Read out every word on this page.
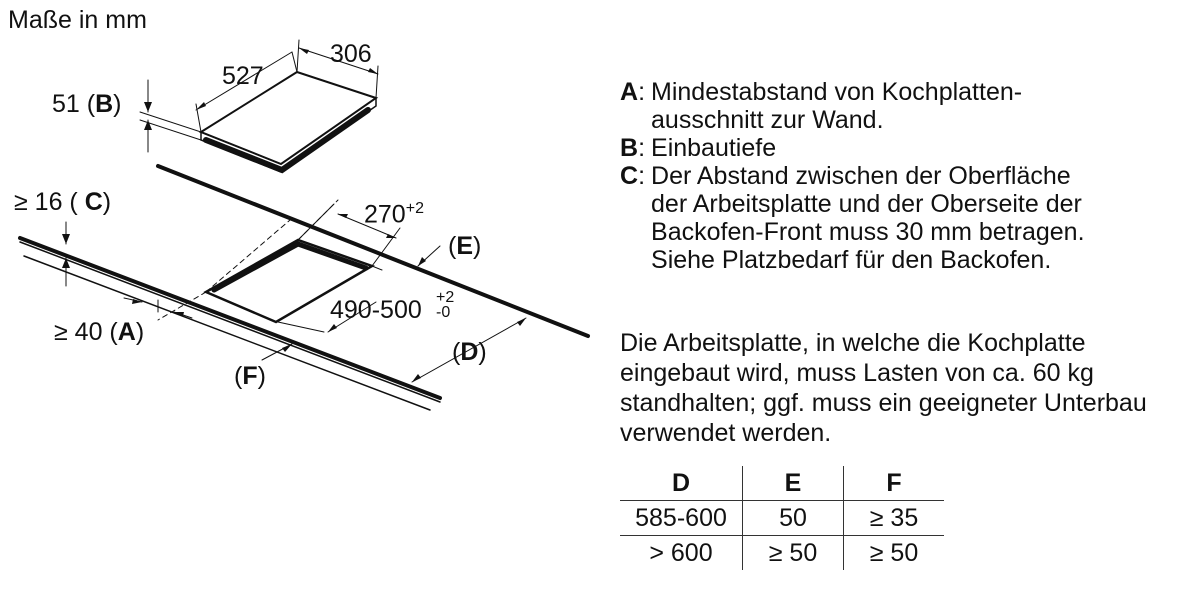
Maße in mm
306
527
51 (B)
≥ 16 ( C)	$270^{+2}$
(E)
490-500 +2
-0
≥ 40 (A)
(D)
(F)
A : Mindestabstand von Kochplattenausschnitt zur Wand.
B : Einbautiefe
C : Der Abstand zwischen der Oberfläche der Arbeitsplatte und der Oberseite der Backofen-Front muss 30 mm betragen. Siehe Platzbedarf für den Backofen.
Die Arbeitsplatte, in welche die Kochplatte eingebaut wird, muss Lasten von ca. 60 kg standhalten; ggf. muss ein geeigneter Unterbau verwendet werden.
D	E	F
585-600	50	≥ 35
> 600	≥ 50	≥ 50
